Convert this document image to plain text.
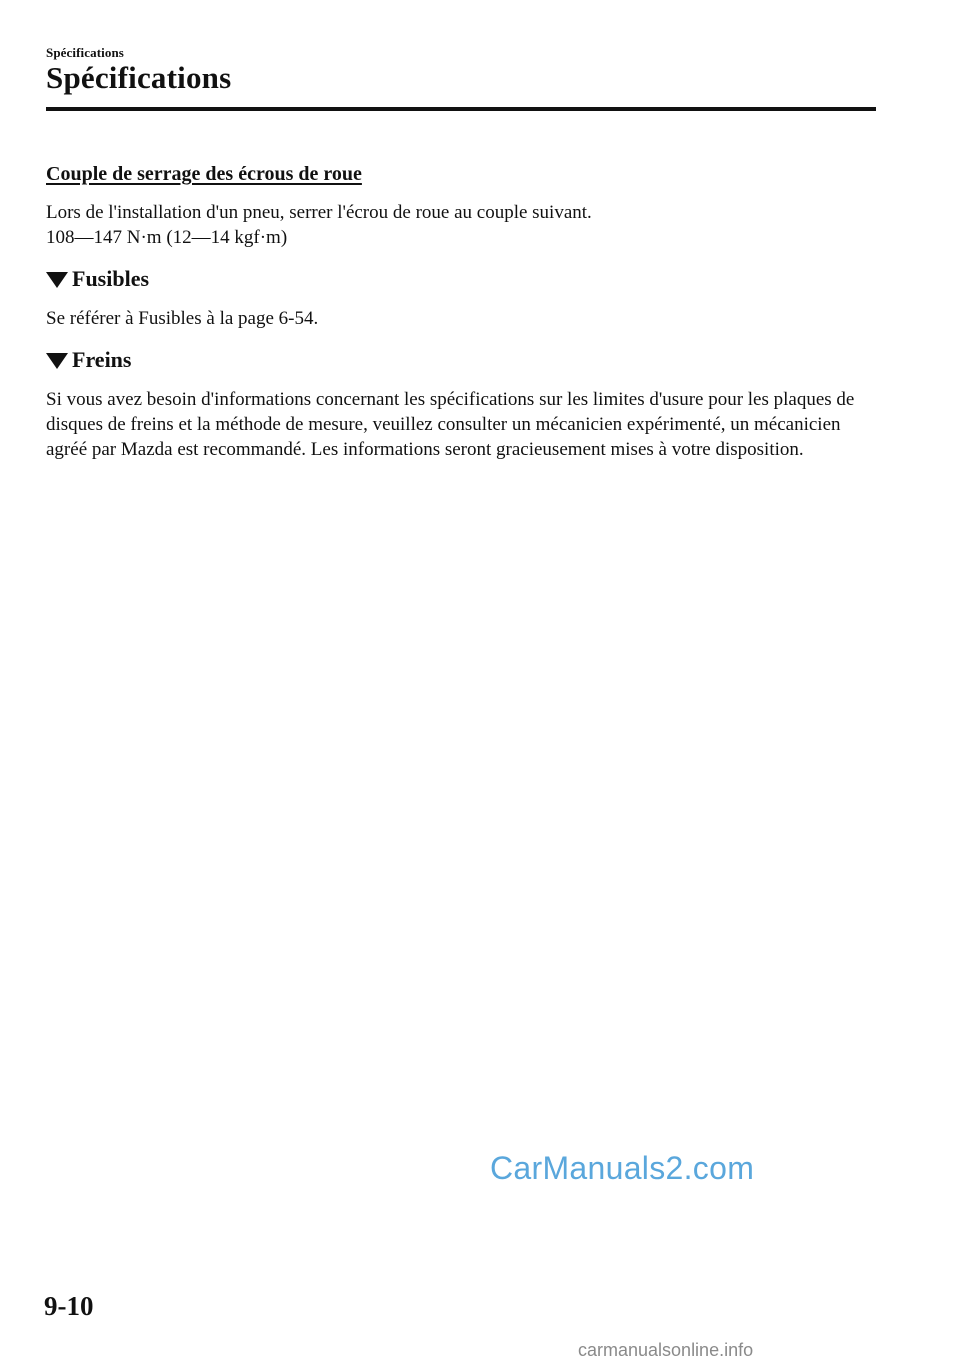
Spécifications
Spécifications
Couple de serrage des écrous de roue

Lors de l'installation d'un pneu, serrer l'écrou de roue au couple suivant.

108—147 N·m (12—14 kgf·m)

Fusibles

Se référer à Fusibles à la page 6-54.

Freins

Si vous avez besoin d'informations concernant les spécifications sur les limites d'usure pour les plaques de disques de freins et la méthode de mesure, veuillez consulter un mécanicien expérimenté, un mécanicien agréé par Mazda est recommandé. Les informations seront gracieusement mises à votre disposition.

CarManuals2.com
9-10
carmanualsonline.info
